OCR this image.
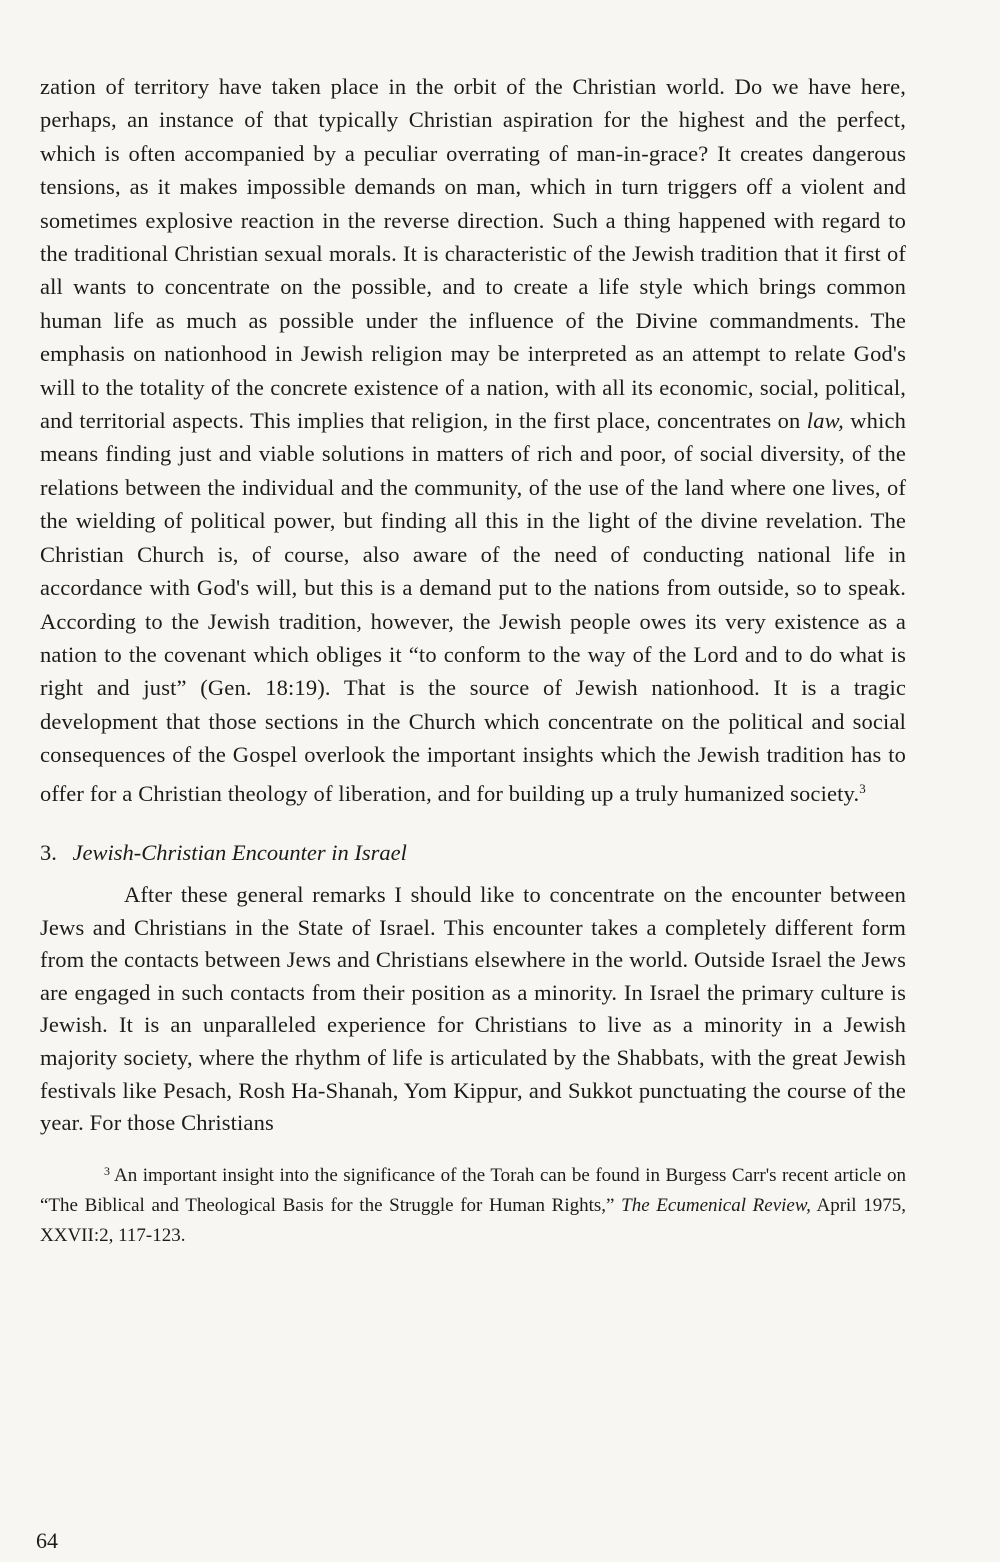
zation of territory have taken place in the orbit of the Christian world. Do we have here, perhaps, an instance of that typically Christian aspiration for the highest and the perfect, which is often accompanied by a peculiar overrating of man-in-grace? It creates dangerous tensions, as it makes impossible demands on man, which in turn triggers off a violent and sometimes explosive reaction in the reverse direction. Such a thing happened with regard to the traditional Christian sexual morals. It is characteristic of the Jewish tradition that it first of all wants to concentrate on the possible, and to create a life style which brings common human life as much as possible under the influence of the Divine commandments. The emphasis on nationhood in Jewish religion may be interpreted as an attempt to relate God's will to the totality of the concrete existence of a nation, with all its economic, social, political, and territorial aspects. This implies that religion, in the first place, concentrates on law, which means finding just and viable solutions in matters of rich and poor, of social diversity, of the relations between the individual and the community, of the use of the land where one lives, of the wielding of political power, but finding all this in the light of the divine revelation. The Christian Church is, of course, also aware of the need of conducting national life in accordance with God's will, but this is a demand put to the nations from outside, so to speak. According to the Jewish tradition, however, the Jewish people owes its very existence as a nation to the covenant which obliges it “to conform to the way of the Lord and to do what is right and just” (Gen. 18:19). That is the source of Jewish nationhood. It is a tragic development that those sections in the Church which concentrate on the political and social consequences of the Gospel overlook the important insights which the Jewish tradition has to offer for a Christian theology of liberation, and for building up a truly humanized society.$^3$

3. Jewish-Christian Encounter in Israel

After these general remarks I should like to concentrate on the encounter between Jews and Christians in the State of Israel. This encounter takes a completely different form from the contacts between Jews and Christians elsewhere in the world. Outside Israel the Jews are engaged in such contacts from their position as a minority. In Israel the primary culture is Jewish. It is an unparalleled experience for Christians to live as a minority in a Jewish majority society, where the rhythm of life is articulated by the Shabbats, with the great Jewish festivals like Pesach, Rosh Ha-Shanah, Yom Kippur, and Sukkot punctuating the course of the year. For those Christians

$^3$ An important insight into the significance of the Torah can be found in Burgess Carr's recent article on “The Biblical and Theological Basis for the Struggle for Human Rights,” The Ecumenical Review, April 1975, XXVII:2, 117-123.
64
